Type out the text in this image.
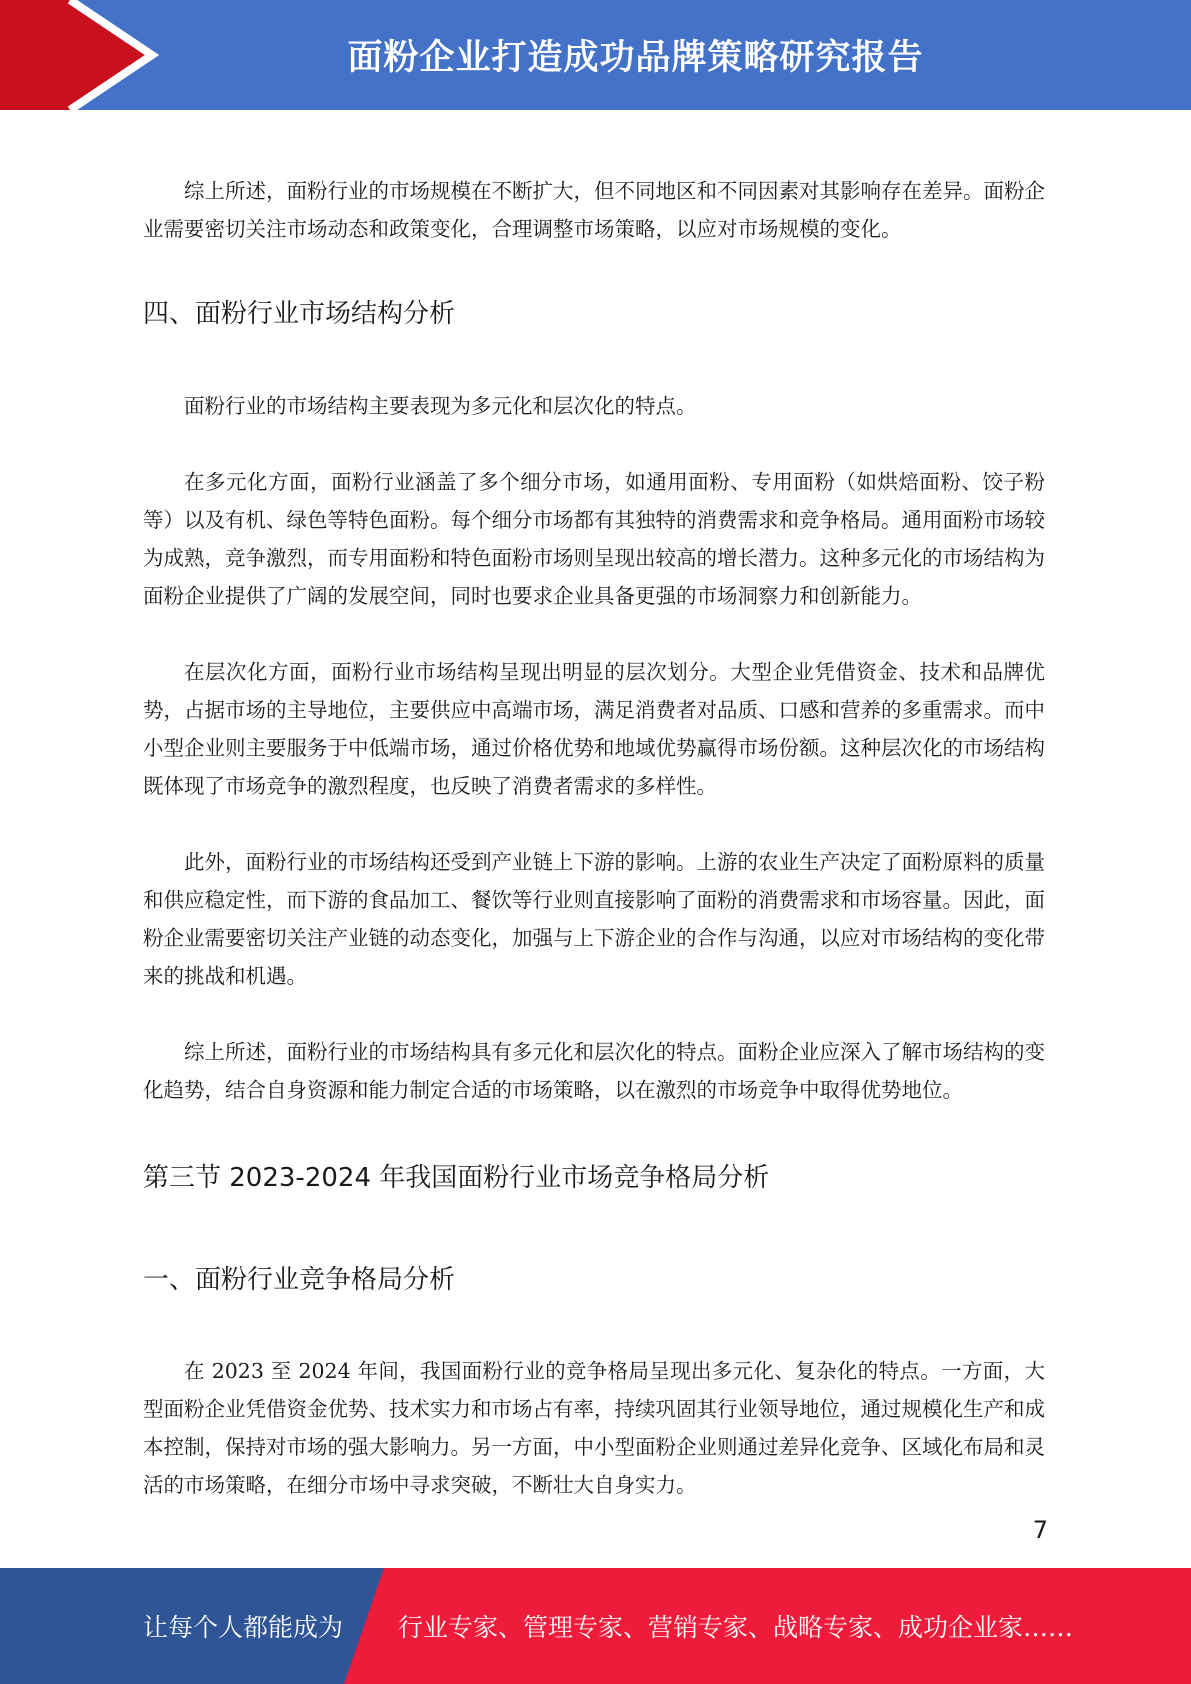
面粉企业打造成功品牌策略研究报告

综上所述，面粉行业的市场规模在不断扩大，但不同地区和不同因素对其影响存在差异。面粉企业需要密切关注市场动态和政策变化，合理调整市场策略，以应对市场规模的变化。

四、面粉行业市场结构分析

面粉行业的市场结构主要表现为多元化和层次化的特点。

在多元化方面，面粉行业涵盖了多个细分市场，如通用面粉、专用面粉（如烘焙面粉、饺子粉等）以及有机、绿色等特色面粉。每个细分市场都有其独特的消费需求和竞争格局。通用面粉市场较为成熟，竞争激烈，而专用面粉和特色面粉市场则呈现出较高的增长潜力。这种多元化的市场结构为面粉企业提供了广阔的发展空间，同时也要求企业具备更强的市场洞察力和创新能力。

在层次化方面，面粉行业市场结构呈现出明显的层次划分。大型企业凭借资金、技术和品牌优势，占据市场的主导地位，主要供应中高端市场，满足消费者对品质、口感和营养的多重需求。而中小型企业则主要服务于中低端市场，通过价格优势和地域优势赢得市场份额。这种层次化的市场结构既体现了市场竞争的激烈程度，也反映了消费者需求的多样性。

此外，面粉行业的市场结构还受到产业链上下游的影响。上游的农业生产决定了面粉原料的质量和供应稳定性，而下游的食品加工、餐饮等行业则直接影响了面粉的消费需求和市场容量。因此，面粉企业需要密切关注产业链的动态变化，加强与上下游企业的合作与沟通，以应对市场结构的变化带来的挑战和机遇。

综上所述，面粉行业的市场结构具有多元化和层次化的特点。面粉企业应深入了解市场结构的变化趋势，结合自身资源和能力制定合适的市场策略，以在激烈的市场竞争中取得优势地位。

第三节 2023-2024 年我国面粉行业市场竞争格局分析
一、面粉行业竞争格局分析

在 2023 至 2024 年间，我国面粉行业的竞争格局呈现出多元化、复杂化的特点。一方面，大型面粉企业凭借资金优势、技术实力和市场占有率，持续巩固其行业领导地位，通过规模化生产和成本控制，保持对市场的强大影响力。另一方面，中小型面粉企业则通过差异化竞争、区域化布局和灵活的市场策略，在细分市场中寻求突破，不断壮大自身实力。

7
让每个人都能成为 行业专家、管理专家、营销专家、战略专家、成功企业家……
